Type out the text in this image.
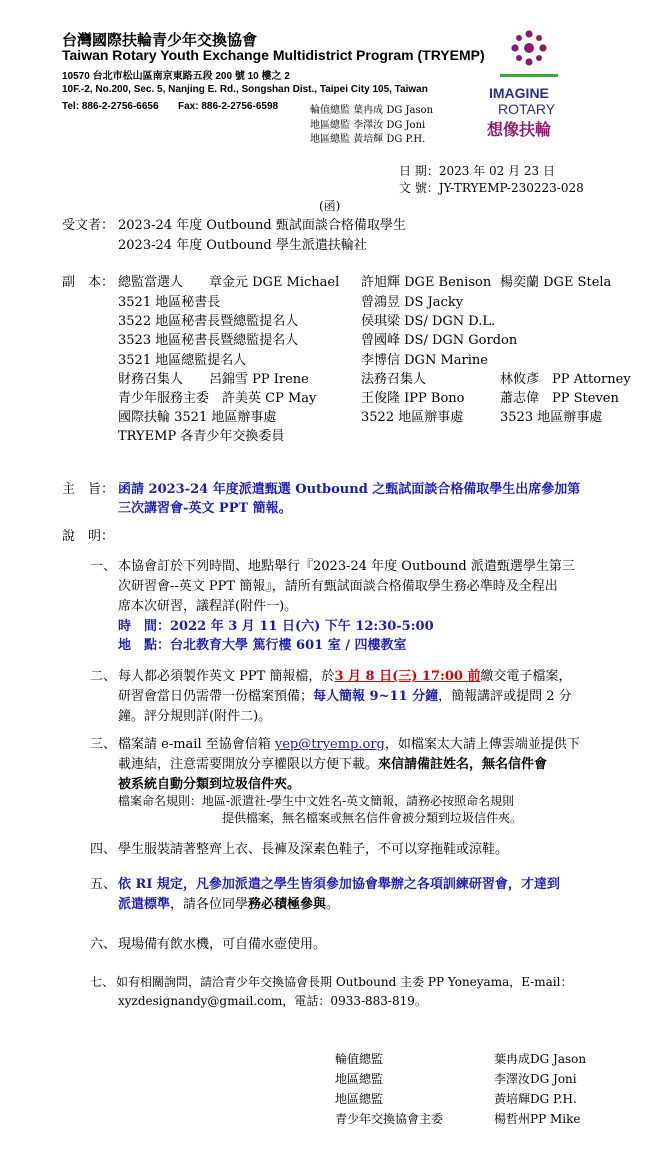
台灣國際扶輪青少年交換協會
Taiwan Rotary Youth Exchange Multidistrict Program (TRYEMP)
10570 台北市松山區南京東路五段 200 號 10 樓之 2
10F.-2, No.200, Sec. 5, Nanjing E. Rd., Songshan Dist., Taipei City 105, Taiwan
Tel: 886-2-2756-6656 Fax: 886-2-2756-6598	輪值總監 葉冉成 DG Jason
地區總監 李澤汝 DG Joni
地區總監 黃培輝 DG P.H.
IMAGINE
ROTARY
想像扶輪
日 期：2023 年 02 月 23 日
文 號：JY-TRYEMP-230223-028
(函)
受文者： 2023-24 年度 Outbound 甄試面談合格備取學生
2023-24 年度 Outbound 學生派遣扶輪社
副　本： 總監當選人　　章金元 DGE Michael 許旭輝 DGE Benison 楊奕蘭 DGE Stela
3521 地區秘書長	曾鴻昱 DS Jacky
3522 地區秘書長暨總監提名人	侯琪梁 DS/ DGN D.L.
3523 地區秘書長暨總監提名人	曾國峰 DS/ DGN Gordon
3521 地區總監提名人	李博信 DGN Marine
財務召集人　　呂錦雪 PP Irene	法務召集人	林攸彥　PP Attorney
青少年服務主委　許美英 CP May	王俊隆 IPP Bono	蕭志偉　PP Steven
國際扶輪 3521 地區辦事處	3522 地區辦事處	3523 地區辦事處
TRYEMP 各青少年交換委員
主　旨： 函請 2023-24 年度派遣甄選 Outbound 之甄試面談合格備取學生出席參加第
三次講習會-英文 PPT 簡報。
說　明：
一、 本協會訂於下列時間、地點舉行『2023-24 年度 Outbound 派遣甄選學生第三
次研習會--英文 PPT 簡報』，請所有甄試面談合格備取學生務必準時及全程出
席本次研習，議程詳(附件一)。
時　間：2022 年 3 月 11 日(六) 下午 12:30-5:00
地　點：台北教育大學 篤行樓 601 室 / 四樓教室
二、 每人都必須製作英文 PPT 簡報檔，於3 月 8 日(三) 17:00 前繳交電子檔案，
研習會當日仍需帶一份檔案預備；每人簡報 9~11 分鐘，簡報講評或提問 2 分
鐘。評分規則詳(附件二)。
三、 檔案請 e-mail 至協會信箱 yep@tryemp.org，如檔案太大請上傳雲端並提供下
載連結，注意需要開放分享權限以方便下載。來信請備註姓名，無名信件會
被系統自動分類到垃圾信件夾。
檔案命名規則：地區-派遣社-學生中文姓名-英文簡報，請務必按照命名規則
提供檔案，無名檔案或無名信件會被分類到垃圾信件夾。
四、 學生服裝請著整齊上衣、長褲及深素色鞋子，不可以穿拖鞋或涼鞋。
五、 依 RI 規定，凡參加派遣之學生皆須參加協會舉辦之各項訓練研習會，才達到
派遣標準，請各位同學務必積極參與。
六、 現場備有飲水機，可自備水壺使用。
七、 如有相關詢問，請洽青少年交換協會長期 Outbound 主委 PP Yoneyama，E-mail：
xyzdesignandy@gmail.com，電話：0933-883-819。
輪值總監	葉冉成DG Jason
地區總監	李澤汝DG Joni
地區總監	黃培輝DG P.H.
青少年交換協會主委	楊哲州PP Mike
